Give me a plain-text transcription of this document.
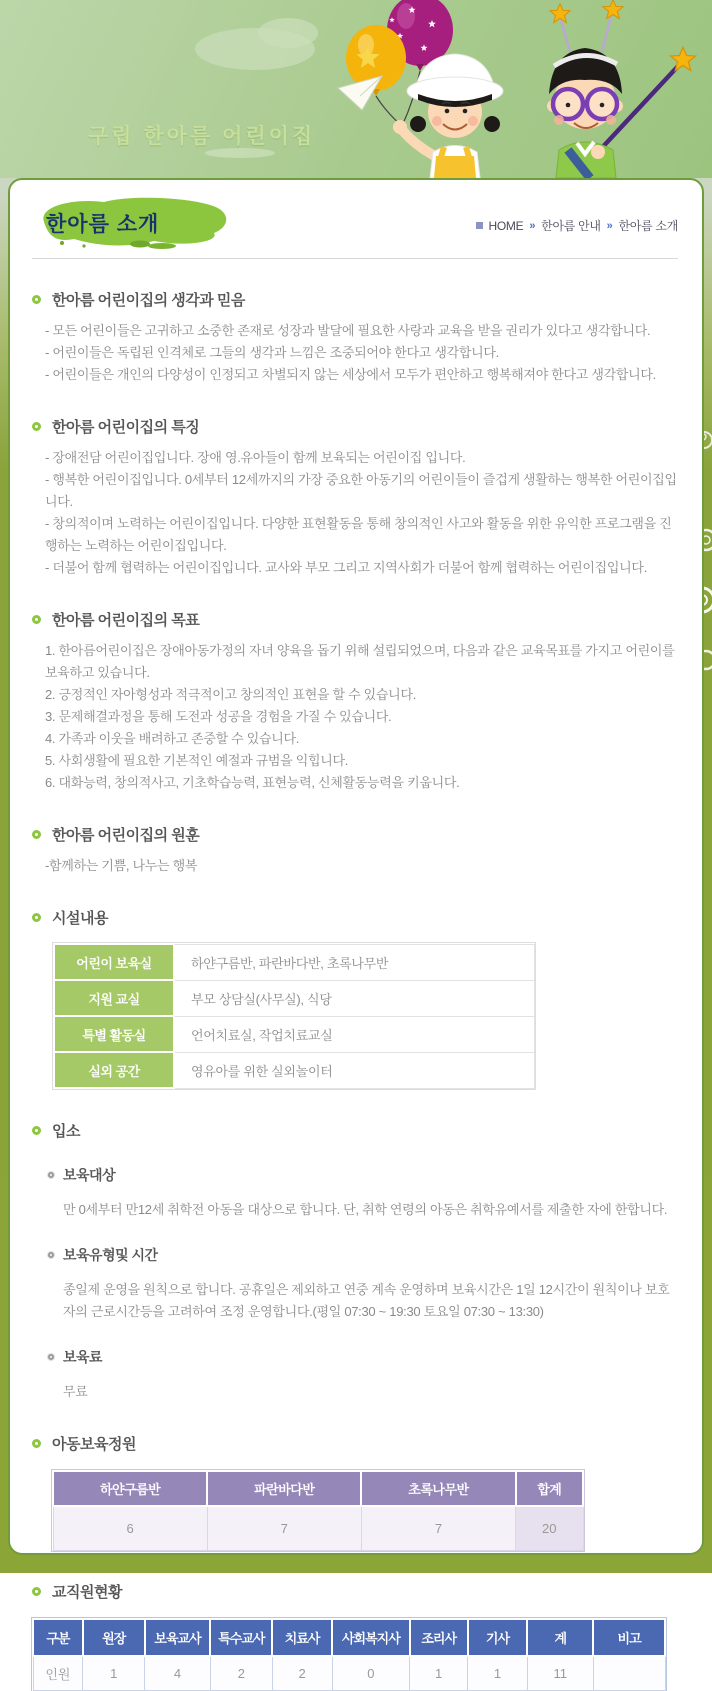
구립 한아름 어린이집
한아름 소개	HOME » 한아름 안내 » 한아름 소개
한아름 어린이집의 생각과 믿음

- 모든 어린이들은 고귀하고 소중한 존재로 성장과 발달에 필요한 사랑과 교육을 받을 권리가 있다고 생각합니다.

- 어린이들은 독립된 인격체로 그들의 생각과 느낌은 조중되어야 한다고 생각합니다.

- 어린이들은 개인의 다양성이 인정되고 차별되지 않는 세상에서 모두가 편안하고 행복해져야 한다고 생각합니다.

한아름 어린이집의 특징

- 장애전담 어린이집입니다. 장애 영.유아들이 함께 보육되는 어린이집 입니다.

- 행복한 어린이집입니다. 0세부터 12세까지의 가장 중요한 아동기의 어린이들이 즐겁게 생활하는 행복한 어린이집입니다.

- 창의적이며 노력하는 어린이집입니다. 다양한 표현활동을 통해 창의적인 사고와 활동을 위한 유익한 프로그램을 진행하는 노력하는 어린이집입니다.

- 더불어 함께 협력하는 어린이집입니다. 교사와 부모 그리고 지역사회가 더불어 함께 협력하는 어린이집입니다.

한아름 어린이집의 목표

1. 한아름어린이집은 장애아동가정의 자녀 양육을 돕기 위해 설립되었으며, 다음과 같은 교육목표를 가지고 어린이를 보육하고 있습니다.

2. 긍정적인 자아형성과 적극적이고 창의적인 표현을 할 수 있습니다.

3. 문제해결과정을 통해 도전과 성공을 경험을 가질 수 있습니다.

4. 가족과 이웃을 배려하고 존중할 수 있습니다.

5. 사회생활에 필요한 기본적인 예절과 규범을 익힙니다.

6. 대화능력, 창의적사고, 기초학습능력, 표현능력, 신체활동능력을 키웁니다.

한아름 어린이집의 원훈

-함께하는 기쁨, 나누는 행복

시설내용
어린이 보육실	하얀구름반, 파란바다반, 초록나무반
지원 교실	부모 상담실(사무실), 식당
특별 활동실	언어치료실, 작업치료교실
실외 공간	영유아를 위한 실외놀이터
입소
보육대상

만 0세부터 만12세 취학전 아동을 대상으로 합니다. 단, 취학 연령의 아동은 취학유예서를 제출한 자에 한합니다.

보육유형및 시간

종일제 운영을 원칙으로 합니다. 공휴일은 제외하고 연중 계속 운영하며 보육시간은 1일 12시간이 원칙이나 보호자의 근로시간등을 고려하여 조정 운영합니다.(평일 07:30 ~ 19:30 토요일 07:30 ~ 13:30)

보육료

무료

아동보육정원
하얀구름반	파란바다반	초록나무반	합계
6	7	7	20
교직원현황
구분	원장	보육교사	특수교사	치료사	사회복지사	조리사	기사	계	비고
인원	1	4	2	2	0	1	1	11	
